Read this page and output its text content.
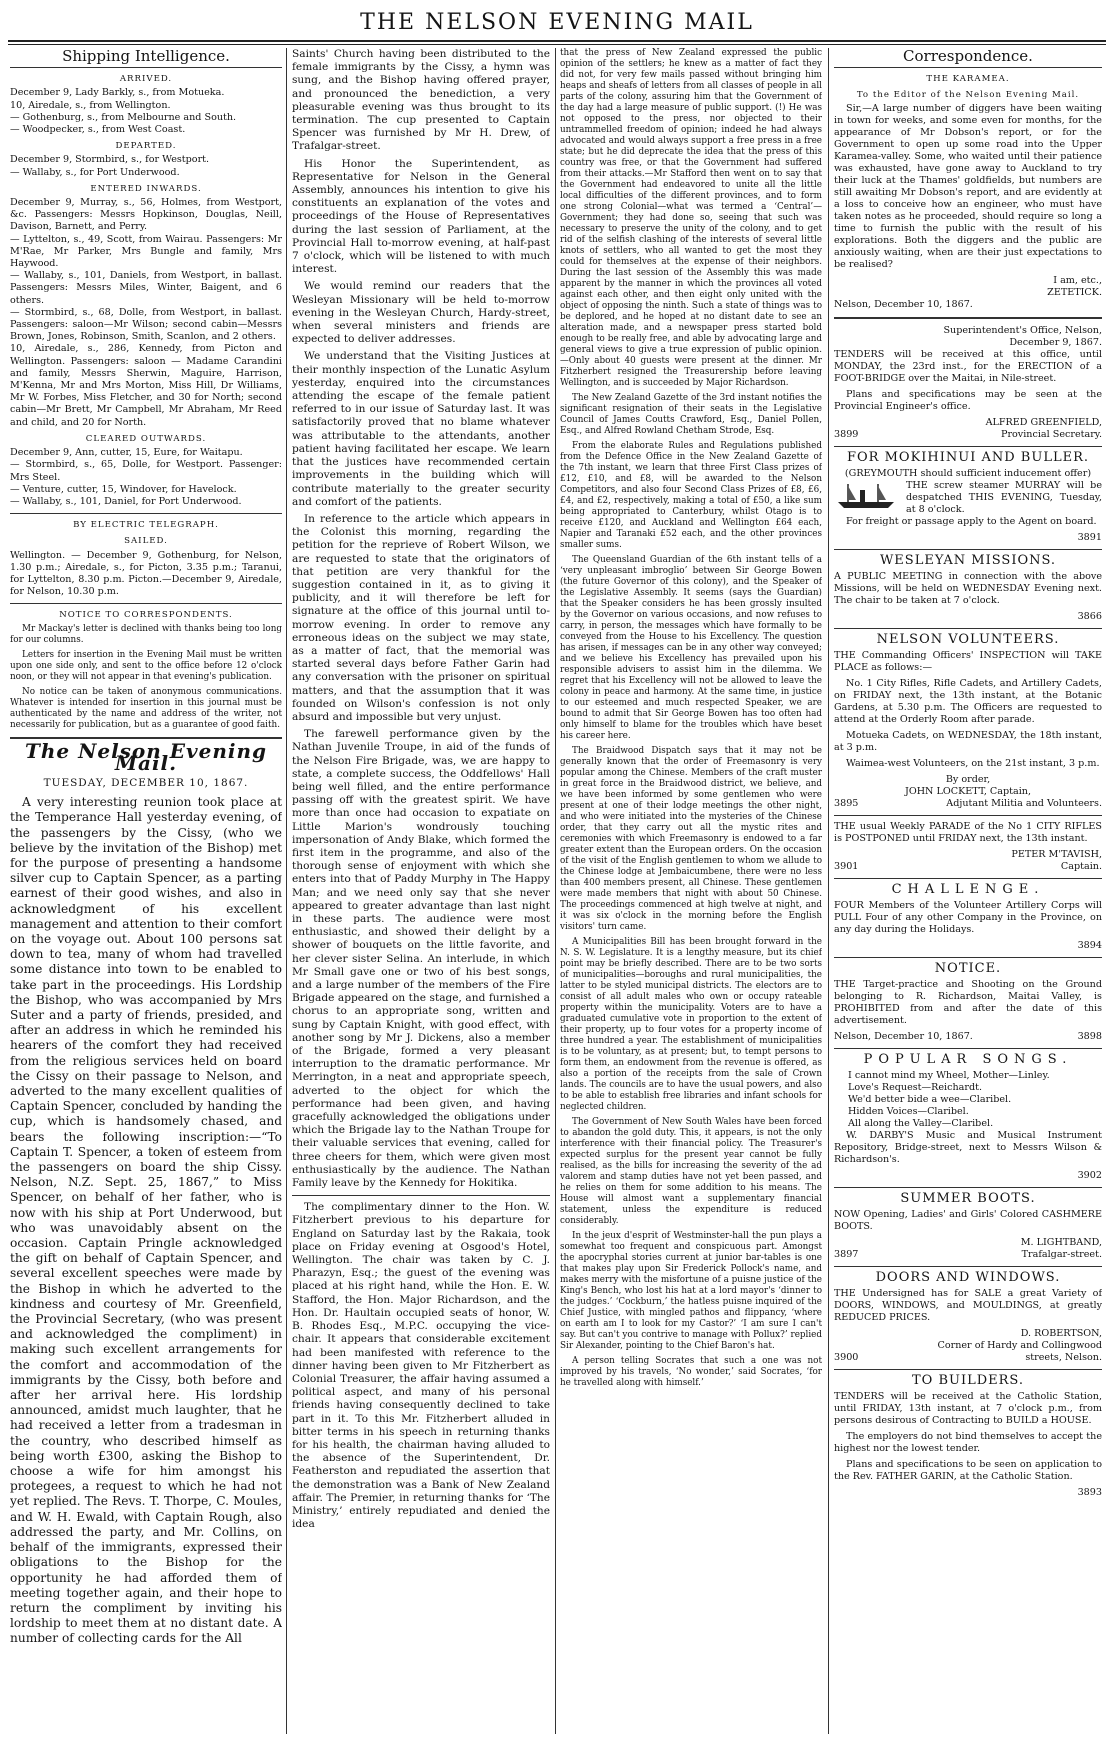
THE NELSON EVENING MAIL
Shipping Intelligence.
ARRIVED.
December 9, Lady Barkly, s., from Motueka.
10, Airedale, s., from Wellington.
— Gothenburg, s., from Melbourne and South.
— Woodpecker, s., from West Coast.
DEPARTED.
December 9, Stormbird, s., for Westport.
— Wallaby, s., for Port Underwood.
ENTERED INWARDS.
December 9, Murray, s., 56, Holmes, from Westport, &c. Passengers: Messrs Hopkinson, Douglas, Neill, Davison, Barnett, and Perry.
— Lyttelton, s., 49, Scott, from Wairau. Passengers: Mr M'Rae, Mr Parker, Mrs Bungle and family, Mrs Haywood.
— Wallaby, s., 101, Daniels, from Westport, in ballast. Passengers: Messrs Miles, Winter, Baigent, and 6 others.
— Stormbird, s., 68, Dolle, from Westport, in ballast. Passengers: saloon—Mr Wilson; second cabin—Messrs Brown, Jones, Robinson, Smith, Scanlon, and 2 others.
10, Airedale, s., 286, Kennedy, from Picton and Wellington. Passengers: saloon — Madame Carandini and family, Messrs Sherwin, Maguire, Harrison, M'Kenna, Mr and Mrs Morton, Miss Hill, Dr Williams, Mr W. Forbes, Miss Fletcher, and 30 for North; second cabin—Mr Brett, Mr Campbell, Mr Abraham, Mr Reed and child, and 20 for North.
CLEARED OUTWARDS.
December 9, Ann, cutter, 15, Eure, for Waitapu.
— Stormbird, s., 65, Dolle, for Westport. Passenger: Mrs Steel.
— Venture, cutter, 15, Windover, for Havelock.
— Wallaby, s., 101, Daniel, for Port Underwood.
BY ELECTRIC TELEGRAPH.
SAILED.
Wellington. — December 9, Gothenburg, for Nelson, 1.30 p.m.; Airedale, s., for Picton, 3.35 p.m.; Taranui, for Lyttelton, 8.30 p.m. Picton.—December 9, Airedale, for Nelson, 10.30 p.m.
NOTICE TO CORRESPONDENTS.

Mr Mackay's letter is declined with thanks being too long for our columns.

Letters for insertion in the Evening Mail must be written upon one side only, and sent to the office before 12 o'clock noon, or they will not appear in that evening's publication.

No notice can be taken of anonymous communications. Whatever is intended for insertion in this journal must be authenticated by the name and address of the writer, not necessarily for publication, but as a guarantee of good faith.

The Nelson Evening Mail.
TUESDAY, DECEMBER 10, 1867.

A very interesting reunion took place at the Temperance Hall yesterday evening, of the passengers by the Cissy, (who we believe by the invitation of the Bishop) met for the purpose of presenting a handsome silver cup to Captain Spencer, as a parting earnest of their good wishes, and also in acknowledgment of his excellent management and attention to their comfort on the voyage out. About 100 persons sat down to tea, many of whom had travelled some distance into town to be enabled to take part in the proceedings. His Lordship the Bishop, who was accompanied by Mrs Suter and a party of friends, presided, and after an address in which he reminded his hearers of the comfort they had received from the religious services held on board the Cissy on their passage to Nelson, and adverted to the many excellent qualities of Captain Spencer, concluded by handing the cup, which is handsomely chased, and bears the following inscription:—“To Captain T. Spencer, a token of esteem from the passengers on board the ship Cissy. Nelson, N.Z. Sept. 25, 1867,” to Miss Spencer, on behalf of her father, who is now with his ship at Port Underwood, but who was unavoidably absent on the occasion. Captain Pringle acknowledged the gift on behalf of Captain Spencer, and several excellent speeches were made by the Bishop in which he adverted to the kindness and courtesy of Mr. Greenfield, the Provincial Secretary, (who was present and acknowledged the compliment) in making such excellent arrangements for the comfort and accommodation of the immigrants by the Cissy, both before and after her arrival here. His lordship announced, amidst much laughter, that he had received a letter from a tradesman in the country, who described himself as being worth £300, asking the Bishop to choose a wife for him amongst his protegees, a request to which he had not yet replied. The Revs. T. Thorpe, C. Moules, and W. H. Ewald, with Captain Rough, also addressed the party, and Mr. Collins, on behalf of the immigrants, expressed their obligations to the Bishop for the opportunity he had afforded them of meeting together again, and their hope to return the compliment by inviting his lordship to meet them at no distant date. A number of collecting cards for the All

Saints' Church having been distributed to the female immigrants by the Cissy, a hymn was sung, and the Bishop having offered prayer, and pronounced the benediction, a very pleasurable evening was thus brought to its termination. The cup presented to Captain Spencer was furnished by Mr H. Drew, of Trafalgar-street.

His Honor the Superintendent, as Representative for Nelson in the General Assembly, announces his intention to give his constituents an explanation of the votes and proceedings of the House of Representatives during the last session of Parliament, at the Provincial Hall to-morrow evening, at half-past 7 o'clock, which will be listened to with much interest.

We would remind our readers that the Wesleyan Missionary will be held to-morrow evening in the Wesleyan Church, Hardy-street, when several ministers and friends are expected to deliver addresses.

We understand that the Visiting Justices at their monthly inspection of the Lunatic Asylum yesterday, enquired into the circumstances attending the escape of the female patient referred to in our issue of Saturday last. It was satisfactorily proved that no blame whatever was attributable to the attendants, another patient having facilitated her escape. We learn that the justices have recommended certain improvements in the building which will contribute materially to the greater security and comfort of the patients.

In reference to the article which appears in the Colonist this morning, regarding the petition for the reprieve of Robert Wilson, we are requested to state that the originators of that petition are very thankful for the suggestion contained in it, as to giving it publicity, and it will therefore be left for signature at the office of this journal until to-morrow evening. In order to remove any erroneous ideas on the subject we may state, as a matter of fact, that the memorial was started several days before Father Garin had any conversation with the prisoner on spiritual matters, and that the assumption that it was founded on Wilson's confession is not only absurd and impossible but very unjust.

The farewell performance given by the Nathan Juvenile Troupe, in aid of the funds of the Nelson Fire Brigade, was, we are happy to state, a complete success, the Oddfellows' Hall being well filled, and the entire performance passing off with the greatest spirit. We have more than once had occasion to expatiate on Little Marion's wondrously touching impersonation of Andy Blake, which formed the first item in the programme, and also of the thorough sense of enjoyment with which she enters into that of Paddy Murphy in The Happy Man; and we need only say that she never appeared to greater advantage than last night in these parts. The audience were most enthusiastic, and showed their delight by a shower of bouquets on the little favorite, and her clever sister Selina. An interlude, in which Mr Small gave one or two of his best songs, and a large number of the members of the Fire Brigade appeared on the stage, and furnished a chorus to an appropriate song, written and sung by Captain Knight, with good effect, with another song by Mr J. Dickens, also a member of the Brigade, formed a very pleasant interruption to the dramatic performance. Mr Merrington, in a neat and appropriate speech, adverted to the object for which the performance had been given, and having gracefully acknowledged the obligations under which the Brigade lay to the Nathan Troupe for their valuable services that evening, called for three cheers for them, which were given most enthusiastically by the audience. The Nathan Family leave by the Kennedy for Hokitika.

The complimentary dinner to the Hon. W. Fitzherbert previous to his departure for England on Saturday last by the Rakaia, took place on Friday evening at Osgood's Hotel, Wellington. The chair was taken by C. J. Pharazyn, Esq.; the guest of the evening was placed at his right hand, while the Hon. E. W. Stafford, the Hon. Major Richardson, and the Hon. Dr. Haultain occupied seats of honor, W. B. Rhodes Esq., M.P.C. occupying the vice-chair. It appears that considerable excitement had been manifested with reference to the dinner having been given to Mr Fitzherbert as Colonial Treasurer, the affair having assumed a political aspect, and many of his personal friends having consequently declined to take part in it. To this Mr. Fitzherbert alluded in bitter terms in his speech in returning thanks for his health, the chairman having alluded to the absence of the Superintendent, Dr. Featherston and repudiated the assertion that the demonstration was a Bank of New Zealand affair. The Premier, in returning thanks for ‘The Ministry,’ entirely repudiated and denied the idea

that the press of New Zealand expressed the public opinion of the settlers; he knew as a matter of fact they did not, for very few mails passed without bringing him heaps and sheafs of letters from all classes of people in all parts of the colony, assuring him that the Government of the day had a large measure of public support. (!) He was not opposed to the press, nor objected to their untrammelled freedom of opinion; indeed he had always advocated and would always support a free press in a free state; but he did deprecate the idea that the press of this country was free, or that the Government had suffered from their attacks.—Mr Stafford then went on to say that the Government had endeavored to unite all the little local difficulties of the different provinces, and to form one strong Colonial—what was termed a ‘Central’—Government; they had done so, seeing that such was necessary to preserve the unity of the colony, and to get rid of the selfish clashing of the interests of several little knots of settlers, who all wanted to get the most they could for themselves at the expense of their neighbors. During the last session of the Assembly this was made apparent by the manner in which the provinces all voted against each other, and then eight only united with the object of opposing the ninth. Such a state of things was to be deplored, and he hoped at no distant date to see an alteration made, and a newspaper press started bold enough to be really free, and able by advocating large and general views to give a true expression of public opinion.—Only about 40 guests were present at the dinner. Mr Fitzherbert resigned the Treasurership before leaving Wellington, and is succeeded by Major Richardson.

The New Zealand Gazette of the 3rd instant notifies the significant resignation of their seats in the Legislative Council of James Coutts Crawford, Esq., Daniel Pollen, Esq., and Alfred Rowland Chetham Strode, Esq.

From the elaborate Rules and Regulations published from the Defence Office in the New Zealand Gazette of the 7th instant, we learn that three First Class prizes of £12, £10, and £8, will be awarded to the Nelson Competitors, and also four Second Class Prizes of £8, £6, £4, and £2, respectively, making a total of £50, a like sum being appropriated to Canterbury, whilst Otago is to receive £120, and Auckland and Wellington £64 each, Napier and Taranaki £52 each, and the other provinces smaller sums.

The Queensland Guardian of the 6th instant tells of a ‘very unpleasant imbroglio’ between Sir George Bowen (the future Governor of this colony), and the Speaker of the Legislative Assembly. It seems (says the Guardian) that the Speaker considers he has been grossly insulted by the Governor on various occasions, and now refuses to carry, in person, the messages which have formally to be conveyed from the House to his Excellency. The question has arisen, if messages can be in any other way conveyed; and we believe his Excellency has prevailed upon his responsible advisers to assist him in the dilemma. We regret that his Excellency will not be allowed to leave the colony in peace and harmony. At the same time, in justice to our esteemed and much respected Speaker, we are bound to admit that Sir George Bowen has too often had only himself to blame for the troubles which have beset his career here.

The Braidwood Dispatch says that it may not be generally known that the order of Freemasonry is very popular among the Chinese. Members of the craft muster in great force in the Braidwood district, we believe, and we have been informed by some gentlemen who were present at one of their lodge meetings the other night, and who were initiated into the mysteries of the Chinese order, that they carry out all the mystic rites and ceremonies with which Freemasonry is endowed to a far greater extent than the European orders. On the occasion of the visit of the English gentlemen to whom we allude to the Chinese lodge at Jembaicumbene, there were no less than 400 members present, all Chinese. These gentlemen were made members that night with about 50 Chinese. The proceedings commenced at high twelve at night, and it was six o'clock in the morning before the English visitors' turn came.

A Municipalities Bill has been brought forward in the N. S. W. Legislature. It is a lengthy measure, but its chief point may be briefly described. There are to be two sorts of municipalities—boroughs and rural municipalities, the latter to be styled municipal districts. The electors are to consist of all adult males who own or occupy rateable property within the municipality. Voters are to have a graduated cumulative vote in proportion to the extent of their property, up to four votes for a property income of three hundred a year. The establishment of municipalities is to be voluntary, as at present; but, to tempt persons to form them, an endowment from the revenue is offered, as also a portion of the receipts from the sale of Crown lands. The councils are to have the usual powers, and also to be able to establish free libraries and infant schools for neglected children.

The Government of New South Wales have been forced to abandon the gold duty. This, it appears, is not the only interference with their financial policy. The Treasurer's expected surplus for the present year cannot be fully realised, as the bills for increasing the severity of the ad valorem and stamp duties have not yet been passed, and he relies on them for some addition to his means. The House will almost want a supplementary financial statement, unless the expenditure is reduced considerably.

In the jeux d'esprit of Westminster-hall the pun plays a somewhat too frequent and conspicuous part. Amongst the apocryphal stories current at junior bar-tables is one that makes play upon Sir Frederick Pollock's name, and makes merry with the misfortune of a puisne justice of the King's Bench, who lost his hat at a lord mayor's ‘dinner to the judges.’ ‘Cockburn,’ the hatless puisne inquired of the Chief Justice, with mingled pathos and flippancy, ‘where on earth am I to look for my Castor?’ ‘I am sure I can't say. But can't you contrive to manage with Pollux?’ replied Sir Alexander, pointing to the Chief Baron's hat.

A person telling Socrates that such a one was not improved by his travels, ‘No wonder,’ said Socrates, ‘for he travelled along with himself.’

Correspondence.
THE KARAMEA.
To the Editor of the Nelson Evening Mail.

Sir,—A large number of diggers have been waiting in town for weeks, and some even for months, for the appearance of Mr Dobson's report, or for the Government to open up some road into the Upper Karamea-valley. Some, who waited until their patience was exhausted, have gone away to Auckland to try their luck at the Thames' goldfields, but numbers are still awaiting Mr Dobson's report, and are evidently at a loss to conceive how an engineer, who must have taken notes as he proceeded, should require so long a time to furnish the public with the result of his explorations. Both the diggers and the public are anxiously waiting, when are their just expectations to be realised?

I am, etc.,
ZETETICK.
Nelson, December 10, 1867.
Superintendent's Office, Nelson,
December 9, 1867.

TENDERS will be received at this office, until MONDAY, the 23rd inst., for the ERECTION of a FOOT-BRIDGE over the Maitai, in Nile-street.

Plans and specifications may be seen at the Provincial Engineer's office.

ALFRED GREENFIELD,
3899	Provincial Secretary.
FOR MOKIHINUI AND BULLER.
(GREYMOUTH should sufficient inducement offer)
THE screw steamer MURRAY will be despatched THIS EVENING, Tuesday, at 8 o'clock.

For freight or passage apply to the Agent on board.

3891
WESLEYAN MISSIONS.

A PUBLIC MEETING in connection with the above Missions, will be held on WEDNESDAY Evening next. The chair to be taken at 7 o'clock.

3866
NELSON VOLUNTEERS.

THE Commanding Officers' INSPECTION will TAKE PLACE as follows:—

No. 1 City Rifles, Rifle Cadets, and Artillery Cadets, on FRIDAY next, the 13th instant, at the Botanic Gardens, at 5.30 p.m. The Officers are requested to attend at the Orderly Room after parade.

Motueka Cadets, on WEDNESDAY, the 18th instant, at 3 p.m.

Waimea-west Volunteers, on the 21st instant, 3 p.m.

By order,
JOHN LOCKETT, Captain,
3895	Adjutant Militia and Volunteers.

THE usual Weekly PARADE of the No 1 CITY RIFLES is POSTPONED until FRIDAY next, the 13th instant.

PETER M'TAVISH,
3901	Captain.
CHALLENGE.

FOUR Members of the Volunteer Artillery Corps will PULL Four of any other Company in the Province, on any day during the Holidays.

3894
NOTICE.

THE Target-practice and Shooting on the Ground belonging to R. Richardson, Maitai Valley, is PROHIBITED from and after the date of this advertisement.

Nelson, December 10, 1867.	3898
POPULAR SONGS.
I cannot mind my Wheel, Mother—Linley.
Love's Request—Reichardt.
We'd better bide a wee—Claribel.
Hidden Voices—Claribel.
All along the Valley—Claribel.

W. DARBY'S Music and Musical Instrument Repository, Bridge-street, next to Messrs Wilson & Richardson's.

3902
SUMMER BOOTS.

NOW Opening, Ladies' and Girls' Colored CASHMERE BOOTS.

M. LIGHTBAND,
3897	Trafalgar-street.
DOORS AND WINDOWS.

THE Undersigned has for SALE a great Variety of DOORS, WINDOWS, and MOULDINGS, at greatly REDUCED PRICES.

D. ROBERTSON,
Corner of Hardy and Collingwood
3900	streets, Nelson.
TO BUILDERS.

TENDERS will be received at the Catholic Station, until FRIDAY, 13th instant, at 7 o'clock p.m., from persons desirous of Contracting to BUILD a HOUSE.

The employers do not bind themselves to accept the highest nor the lowest tender.

Plans and specifications to be seen on application to the Rev. FATHER GARIN, at the Catholic Station.

3893
